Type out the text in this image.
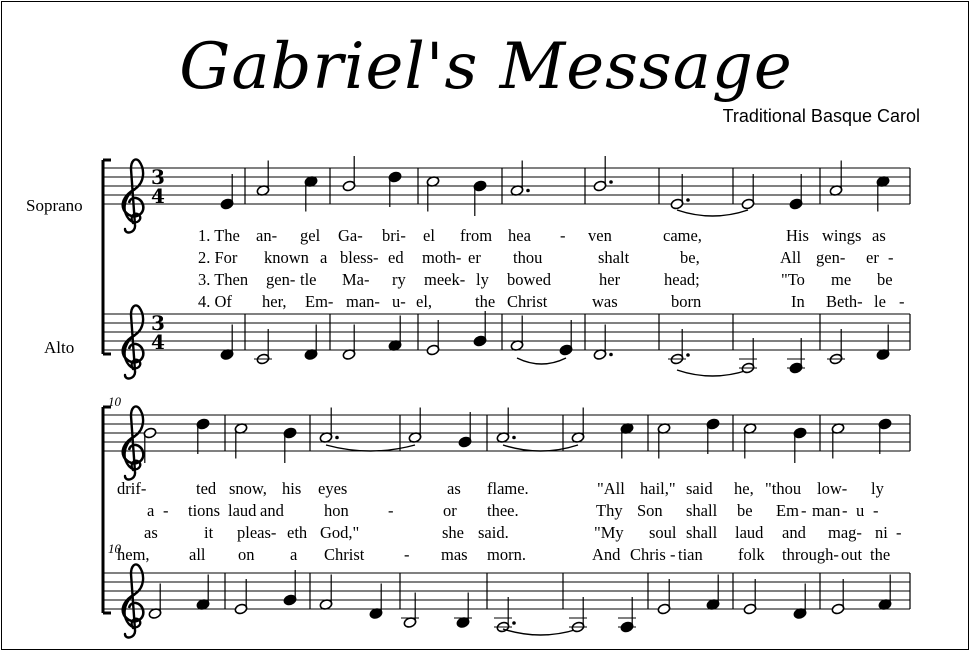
Gabriel's Message
Traditional Basque Carol
Soprano
Alto
10
10
1. The an- gel Ga- bri- el from hea - ven	came,	His wings as
2. For known a bless- ed moth- er thou	shalt	be,	All gen- er -
3. Then gen- tle Ma- ry meek- ly bowed	her	head;	"To me be
4. Of her, Em- man- u- el,	the Christ	was	born	In Beth- le -
drif-	ted snow, his eyes	as flame.	"All hail," said he, "thou low- ly
a - tions laud and hon -	or thee.	Thy Son shall be Em - man - u -
as	it pleas- eth God,"	she said.	"My soul shall laud and mag- ni -
hem, all on a Christ - mas morn.	And Chris - tian folk through- out the
3
4
3
4
